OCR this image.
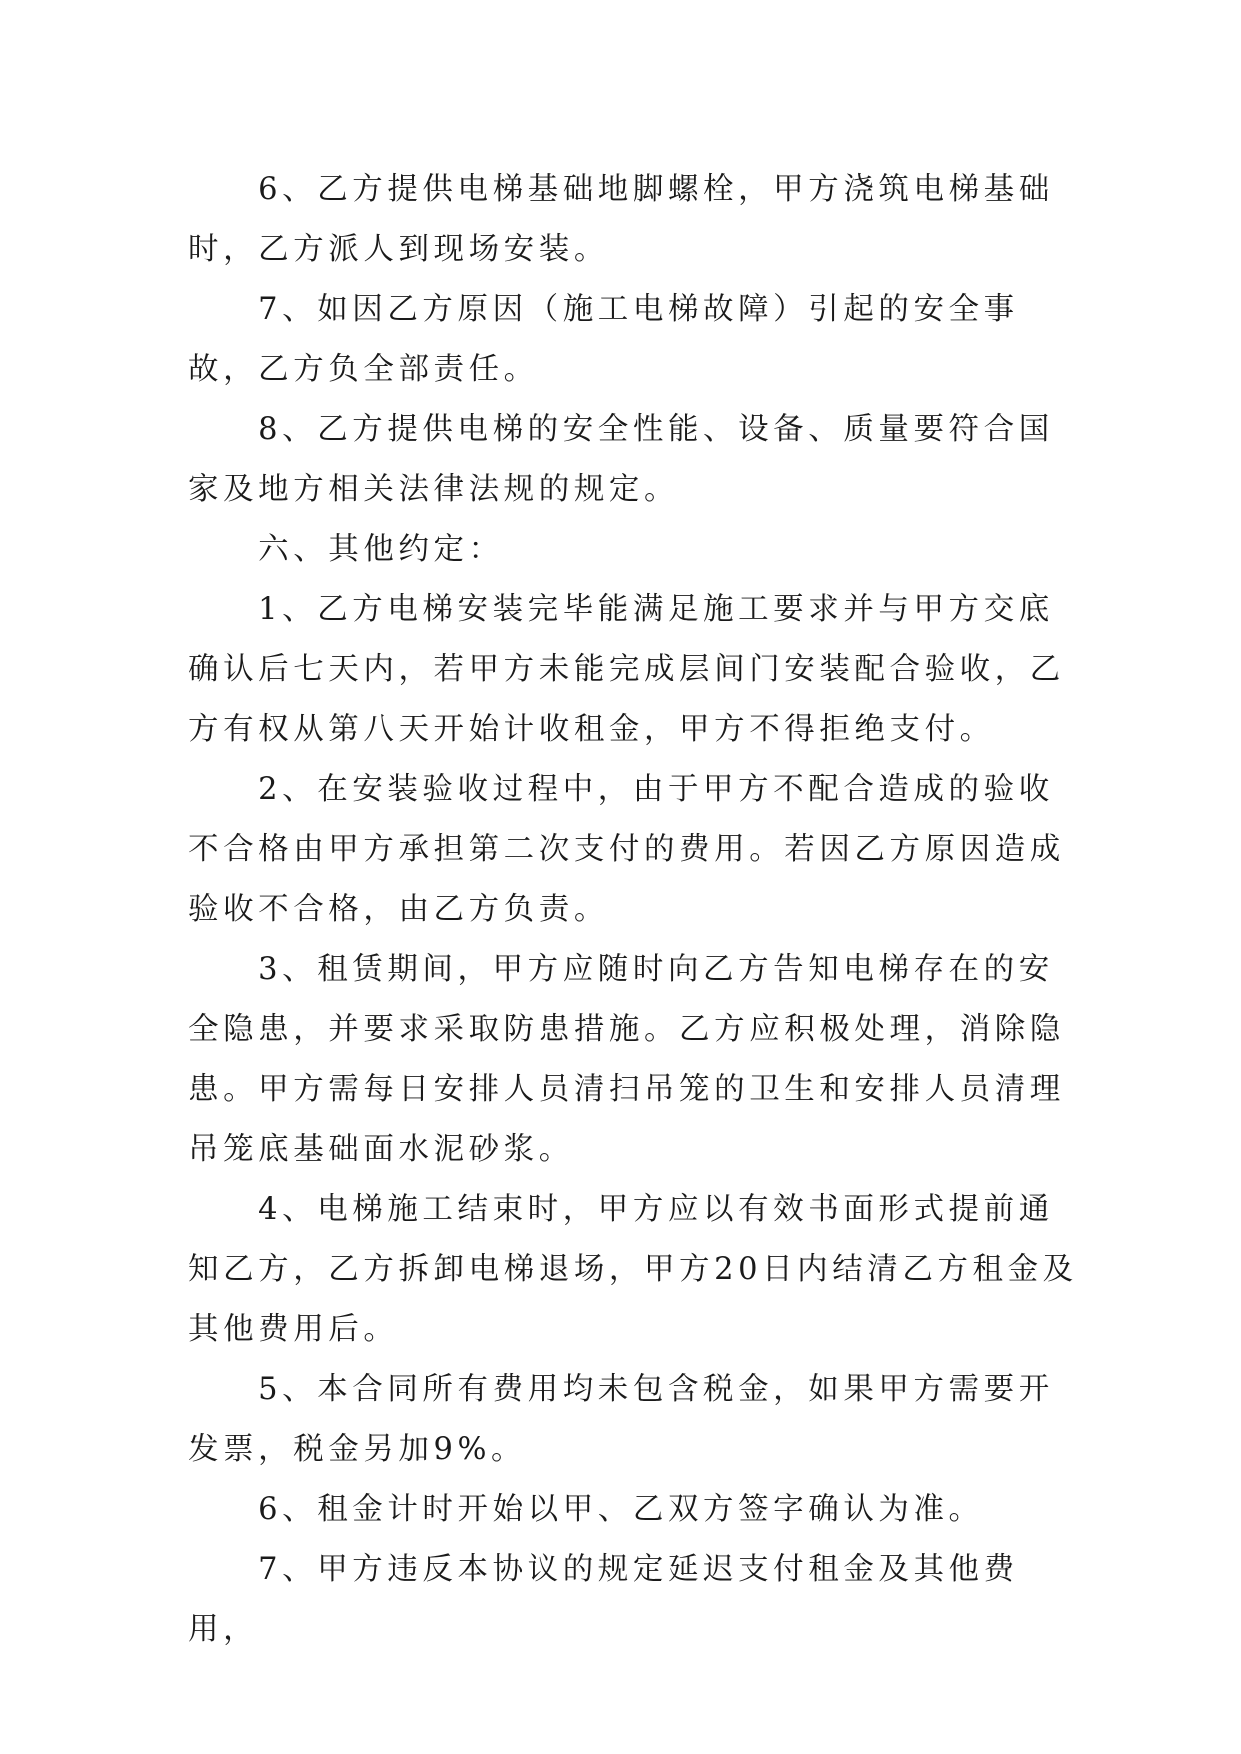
6、乙方提供电梯基础地脚螺栓，甲方浇筑电梯基础时，乙方派人到现场安装。

7、如因乙方原因（施工电梯故障）引起的安全事故，乙方负全部责任。

8、乙方提供电梯的安全性能、设备、质量要符合国家及地方相关法律法规的规定。

六、其他约定：

1、乙方电梯安装完毕能满足施工要求并与甲方交底确认后七天内，若甲方未能完成层间门安装配合验收，乙方有权从第八天开始计收租金，甲方不得拒绝支付。

2、在安装验收过程中，由于甲方不配合造成的验收不合格由甲方承担第二次支付的费用。若因乙方原因造成验收不合格，由乙方负责。

3、租赁期间，甲方应随时向乙方告知电梯存在的安全隐患，并要求采取防患措施。乙方应积极处理，消除隐患。甲方需每日安排人员清扫吊笼的卫生和安排人员清理吊笼底基础面水泥砂浆。

4、电梯施工结束时，甲方应以有效书面形式提前通知乙方，乙方拆卸电梯退场，甲方20日内结清乙方租金及其他费用后。

5、本合同所有费用均未包含税金，如果甲方需要开发票，税金另加9%。

6、租金计时开始以甲、乙双方签字确认为准。

7、甲方违反本协议的规定延迟支付租金及其他费用，
